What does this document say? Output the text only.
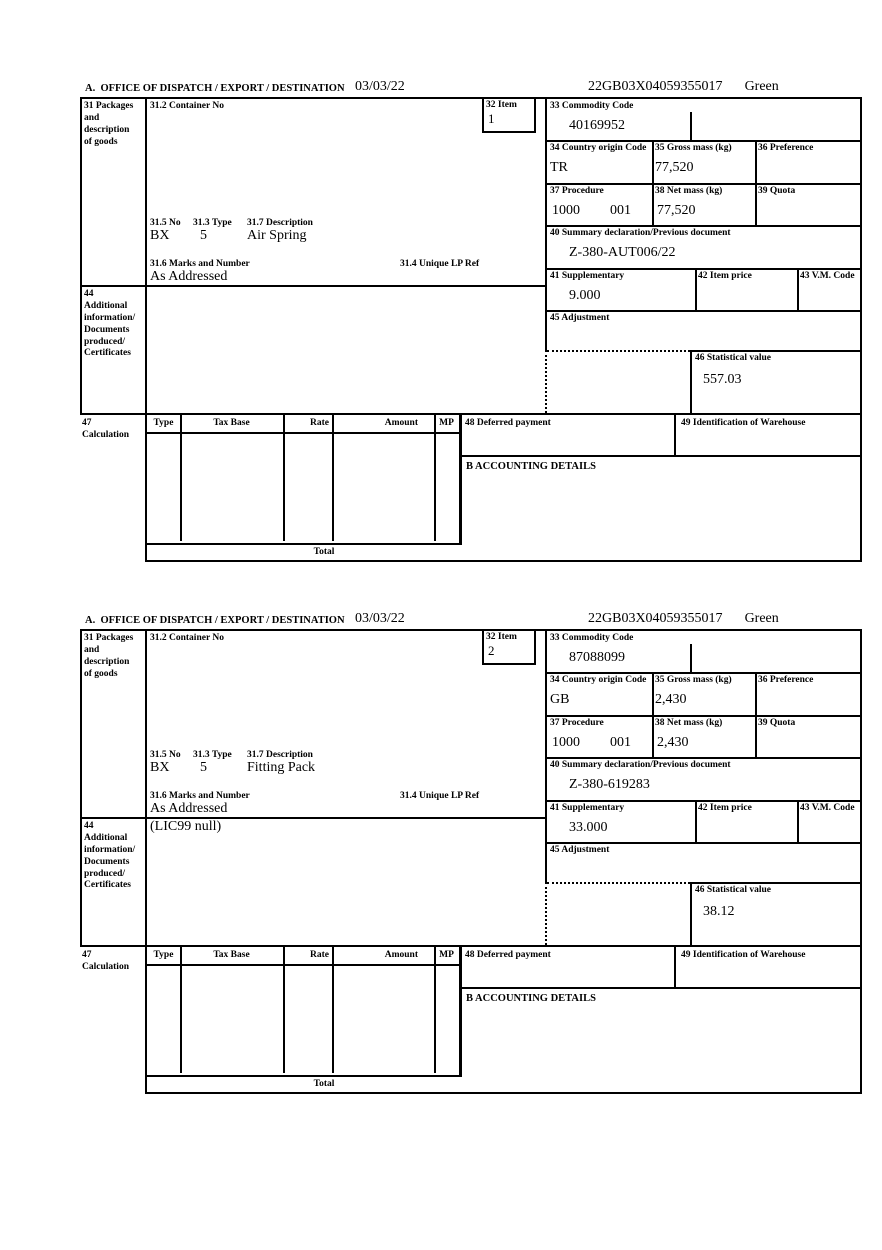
A.  OFFICE OF DISPATCH / EXPORT / DESTINATION 03/03/22	22GB03X04059355017 Green
31 Packages and description of goods
44 Additional information/ Documents produced/ Certificates
31.2 Container No	32 Item
1
31.5 No 31.3 Type 31.7 Description
BX 5	Air Spring
31.6 Marks and Number	31.4 Unique LP Ref
As Addressed
33 Commodity Code
40169952
34 Country origin Code
TR
35 Gross mass (kg)
77,520
36 Preference
37 Procedure
1000 001
38 Net mass (kg)
77,520
39 Quota
40 Summary declaration/Previous document
Z-380-AUT006/22
41 Supplementary
9.000
42 Item price	43 V.M. Code
45 Adjustment
46 Statistical value
557.03
47 Calculation
Type	Tax Base	Rate	Amount	MP	48 Deferred payment	49 Identification of Warehouse
B ACCOUNTING DETAILS
Total
A.  OFFICE OF DISPATCH / EXPORT / DESTINATION 03/03/22	22GB03X04059355017 Green
31 Packages and description of goods
44 Additional information/ Documents produced/ Certificates
31.2 Container No	32 Item
2
31.5 No 31.3 Type 31.7 Description
BX 5	Fitting Pack
31.6 Marks and Number	31.4 Unique LP Ref
As Addressed
(LIC99 null)
33 Commodity Code
87088099
34 Country origin Code
GB
35 Gross mass (kg)
2,430
36 Preference
37 Procedure
1000 001
38 Net mass (kg)
2,430
39 Quota
40 Summary declaration/Previous document
Z-380-619283
41 Supplementary
33.000
42 Item price	43 V.M. Code
45 Adjustment
46 Statistical value
38.12
47 Calculation
Type	Tax Base	Rate	Amount	MP	48 Deferred payment	49 Identification of Warehouse
B ACCOUNTING DETAILS
Total
